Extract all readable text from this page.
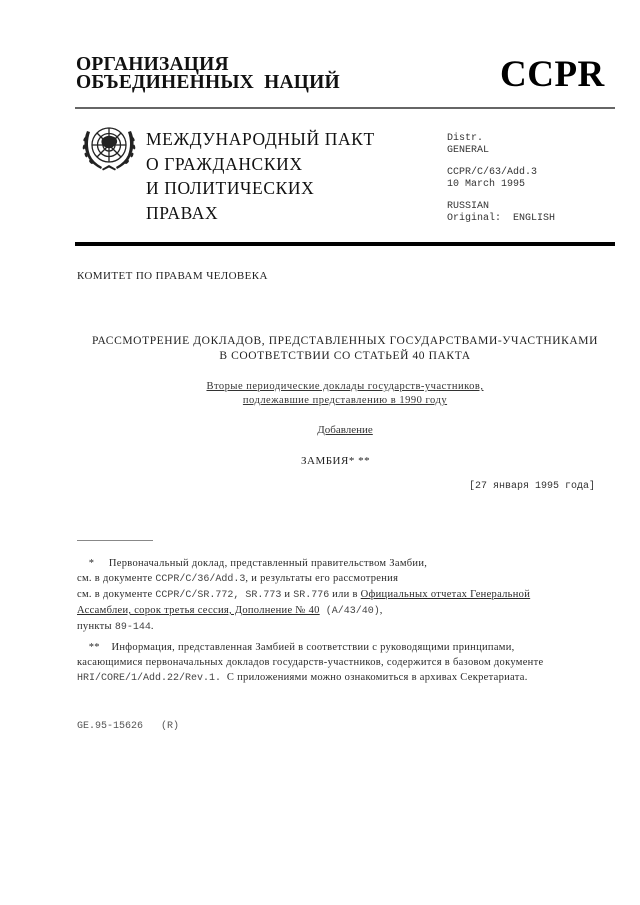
ОРГАНИЗАЦИЯ
ОБЪЕДИНЕННЫХ  НАЦИЙ	CCPR
МЕЖДУНАРОДНЫЙ ПАКТ
О ГРАЖДАНСКИХ
И ПОЛИТИЧЕСКИХ
ПРАВАХ
Distr.
GENERAL
CCPR/C/63/Add.3
10 March 1995
RUSSIAN
Original:  ENGLISH
КОМИТЕТ ПО ПРАВАМ ЧЕЛОВЕКА
РАССМОТРЕНИЕ ДОКЛАДОВ, ПРЕДСТАВЛЕННЫХ ГОСУДАРСТВАМИ-УЧАСТНИКАМИ
В СООТВЕТСТВИИ СО СТАТЬЕЙ 40 ПАКТА
Вторые периодические доклады государств-участников,
подлежавшие представлению в 1990 году
Добавление
ЗАМБИЯ* **
[27 января 1995 года]
*     Первоначальный доклад, представленный правительством Замбии,
см. в документе CCPR/C/36/Add.3, и результаты его рассмотрения
см. в документе CCPR/C/SR.772, SR.773 и SR.776 или в Официальных отчетах Генеральной
Ассамблеи, сорок третья сессия, Дополнение № 40 (A/43/40),
пункты 89-144.
**    Информация, представленная Замбией в соответствии с руководящими принципами,
касающимися первоначальных докладов государств-участников, содержится в базовом документе
HRI/CORE/1/Add.22/Rev.1.  С приложениями можно ознакомиться в архивах Секретариата.
GE.95-15626   (R)
